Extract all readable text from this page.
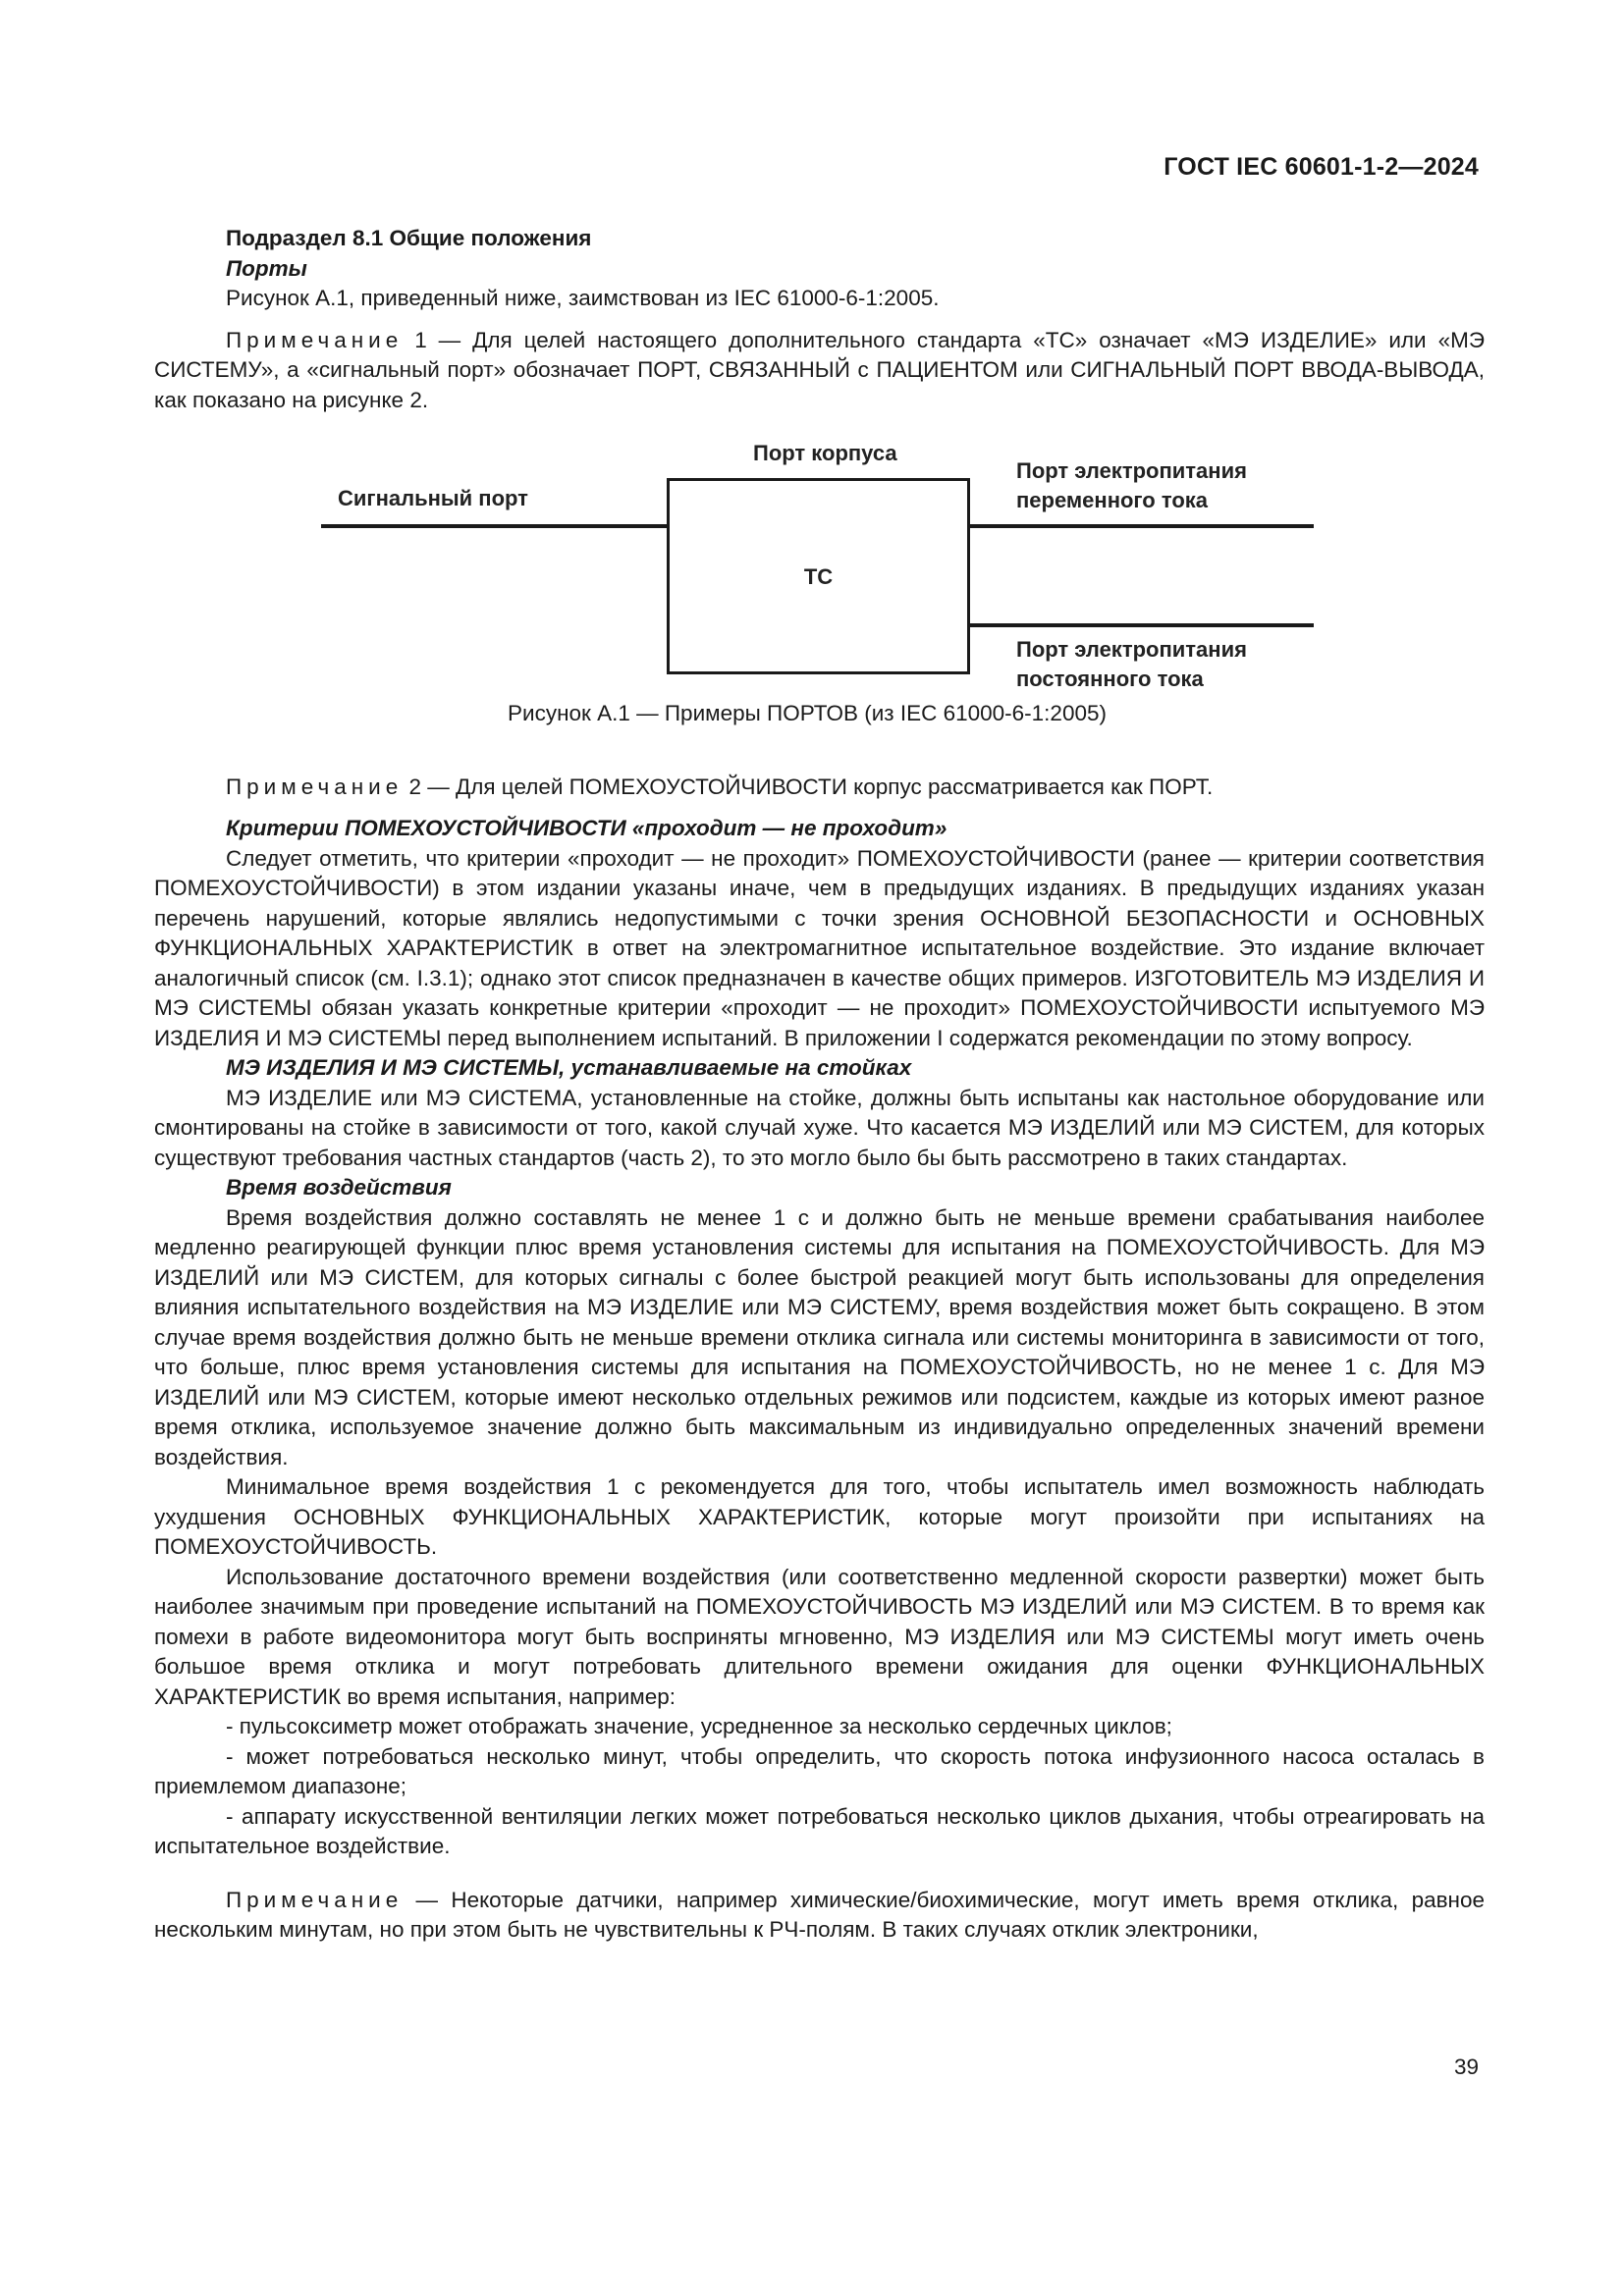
ГОСТ IEC 60601-1-2—2024

Подраздел 8.1 Общие положения

Порты

Рисунок А.1, приведенный ниже, заимствован из IEC 61000-6-1:2005.

Примечание 1 — Для целей настоящего дополнительного стандарта «ТС» означает «МЭ ИЗДЕЛИЕ» или «МЭ СИСТЕМУ», а «сигнальный порт» обозначает ПОРТ, СВЯЗАННЫЙ с ПАЦИЕНТОМ или СИГНАЛЬНЫЙ ПОРТ ВВОДА-ВЫВОДА, как показано на рисунке 2.

Порт корпуса
Сигнальный порт
ТС
Порт электропитания переменного тока
Порт электропитания постоянного тока

Рисунок А.1 — Примеры ПОРТОВ (из IEC 61000-6-1:2005)

Примечание 2 — Для целей ПОМЕХОУСТОЙЧИВОСТИ корпус рассматривается как ПОРТ.

Критерии ПОМЕХОУСТОЙЧИВОСТИ «проходит — не проходит»

Следует отметить, что критерии «проходит — не проходит» ПОМЕХОУСТОЙЧИВОСТИ (ранее — критерии соответствия ПОМЕХОУСТОЙЧИВОСТИ) в этом издании указаны иначе, чем в предыдущих изданиях. В предыдущих изданиях указан перечень нарушений, которые являлись недопустимыми с точки зрения ОСНОВНОЙ БЕЗОПАСНОСТИ и ОСНОВНЫХ ФУНКЦИОНАЛЬНЫХ ХАРАКТЕРИСТИК в ответ на электромагнитное испытательное воздействие. Это издание включает аналогичный список (см. I.3.1); однако этот список предназначен в качестве общих примеров. ИЗГОТОВИТЕЛЬ МЭ ИЗДЕЛИЯ И МЭ СИСТЕМЫ обязан указать конкретные критерии «проходит — не проходит» ПОМЕХОУСТОЙЧИВОСТИ испытуемого МЭ ИЗДЕЛИЯ И МЭ СИСТЕМЫ перед выполнением испытаний. В приложении I содержатся рекомендации по этому вопросу.

МЭ ИЗДЕЛИЯ И МЭ СИСТЕМЫ, устанавливаемые на стойках

МЭ ИЗДЕЛИЕ или МЭ СИСТЕМА, установленные на стойке, должны быть испытаны как настольное оборудование или смонтированы на стойке в зависимости от того, какой случай хуже. Что касается МЭ ИЗДЕЛИЙ или МЭ СИСТЕМ, для которых существуют требования частных стандартов (часть 2), то это могло было бы быть рассмотрено в таких стандартах.

Время воздействия

Время воздействия должно составлять не менее 1 с и должно быть не меньше времени срабатывания наиболее медленно реагирующей функции плюс время установления системы для испытания на ПОМЕХОУСТОЙЧИВОСТЬ. Для МЭ ИЗДЕЛИЙ или МЭ СИСТЕМ, для которых сигналы с более быстрой реакцией могут быть использованы для определения влияния испытательного воздействия на МЭ ИЗДЕЛИЕ или МЭ СИСТЕМУ, время воздействия может быть сокращено. В этом случае время воздействия должно быть не меньше времени отклика сигнала или системы мониторинга в зависимости от того, что больше, плюс время установления системы для испытания на ПОМЕХОУСТОЙЧИВОСТЬ, но не менее 1 с. Для МЭ ИЗДЕЛИЙ или МЭ СИСТЕМ, которые имеют несколько отдельных режимов или подсистем, каждые из которых имеют разное время отклика, используемое значение должно быть максимальным из индивидуально определенных значений времени воздействия.

Минимальное время воздействия 1 с рекомендуется для того, чтобы испытатель имел возможность наблюдать ухудшения ОСНОВНЫХ ФУНКЦИОНАЛЬНЫХ ХАРАКТЕРИСТИК, которые могут произойти при испытаниях на ПОМЕХОУСТОЙЧИВОСТЬ.

Использование достаточного времени воздействия (или соответственно медленной скорости развертки) может быть наиболее значимым при проведение испытаний на ПОМЕХОУСТОЙЧИВОСТЬ МЭ ИЗДЕЛИЙ или МЭ СИСТЕМ. В то время как помехи в работе видеомонитора могут быть восприняты мгновенно, МЭ ИЗДЕЛИЯ или МЭ СИСТЕМЫ могут иметь очень большое время отклика и могут потребовать длительного времени ожидания для оценки ФУНКЦИОНАЛЬНЫХ ХАРАКТЕРИСТИК во время испытания, например:

- пульсоксиметр может отображать значение, усредненное за несколько сердечных циклов;

- может потребоваться несколько минут, чтобы определить, что скорость потока инфузионного насоса осталась в приемлемом диапазоне;

- аппарату искусственной вентиляции легких может потребоваться несколько циклов дыхания, чтобы отреагировать на испытательное воздействие.

Примечание — Некоторые датчики, например химические/биохимические, могут иметь время отклика, равное нескольким минутам, но при этом быть не чувствительны к РЧ-полям. В таких случаях отклик электроники,

39
